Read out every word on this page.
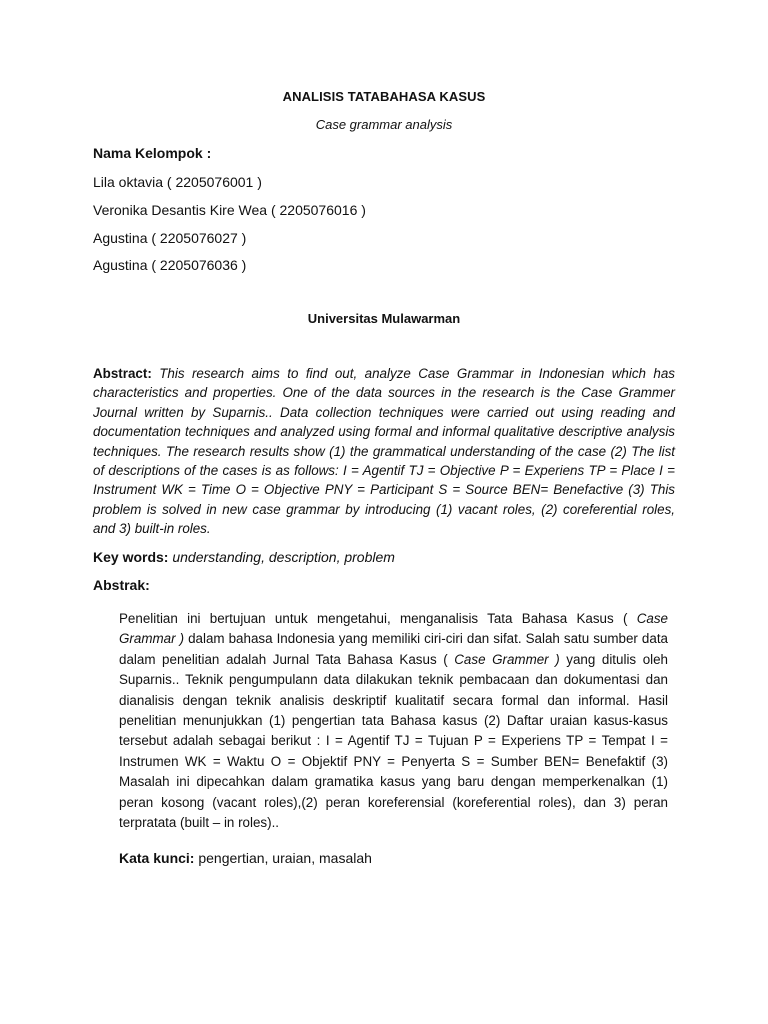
ANALISIS TATABAHASA KASUS
Case grammar analysis
Nama Kelompok :
Lila oktavia ( 2205076001 )
Veronika Desantis Kire Wea ( 2205076016 )
Agustina ( 2205076027 )
Agustina ( 2205076036 )
Universitas Mulawarman
Abstract: This research aims to find out, analyze Case Grammar in Indonesian which has characteristics and properties. One of the data sources in the research is the Case Grammer Journal written by Suparnis.. Data collection techniques were carried out using reading and documentation techniques and analyzed using formal and informal qualitative descriptive analysis techniques. The research results show (1) the grammatical understanding of the case (2) The list of descriptions of the cases is as follows: I = Agentif TJ = Objective P = Experiens TP = Place I = Instrument WK = Time O = Objective PNY = Participant S = Source BEN= Benefactive (3) This problem is solved in new case grammar by introducing (1) vacant roles, (2) coreferential roles, and 3) built-in roles.
Key words: understanding, description, problem
Abstrak:
Penelitian ini bertujuan untuk mengetahui, menganalisis Tata Bahasa Kasus ( Case Grammar ) dalam bahasa Indonesia yang memiliki ciri-ciri dan sifat. Salah satu sumber data dalam penelitian adalah Jurnal Tata Bahasa Kasus ( Case Grammer ) yang ditulis oleh Suparnis.. Teknik pengumpulann data dilakukan teknik pembacaan dan dokumentasi dan dianalisis dengan teknik analisis deskriptif kualitatif secara formal dan informal. Hasil penelitian menunjukkan (1) pengertian tata Bahasa kasus (2) Daftar uraian kasus-kasus tersebut adalah sebagai berikut : I = Agentif TJ = Tujuan P = Experiens TP = Tempat I = Instrumen WK = Waktu O = Objektif PNY = Penyerta S = Sumber BEN= Benefaktif (3) Masalah ini dipecahkan dalam gramatika kasus yang baru dengan memperkenalkan (1) peran kosong (vacant roles),(2) peran koreferensial (koreferential roles), dan 3) peran terpratata (built – in roles)..
Kata kunci: pengertian, uraian, masalah
